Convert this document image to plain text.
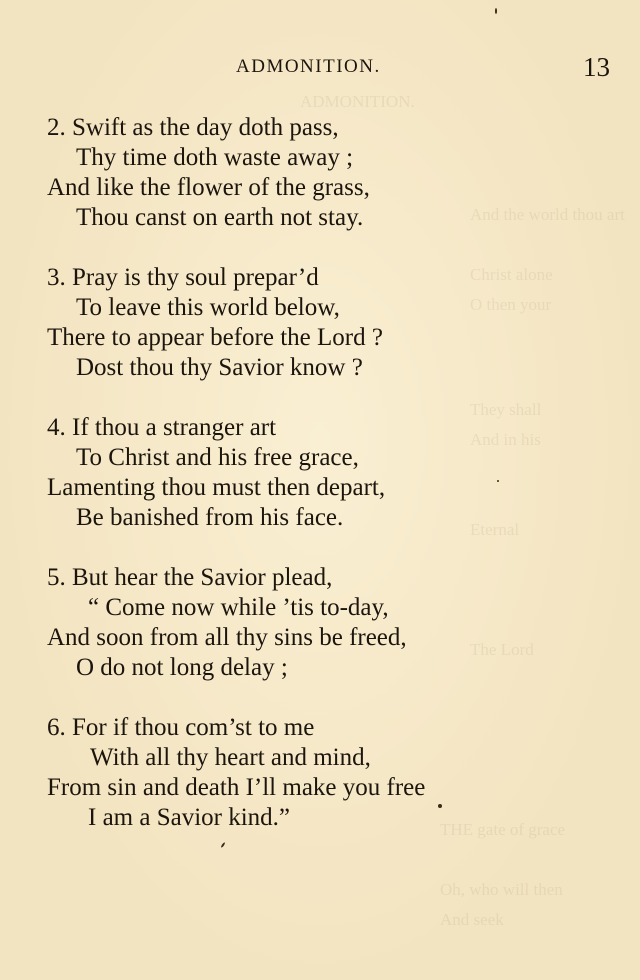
ADMONITION.
And the world thou art
Christ alone
O then your
They shall
And in his
Eternal
The Lord
THE gate of grace
Oh, who will then
And seek
ADMONITION.	13
2. Swift as the day doth pass,
Thy time doth waste away ;
And like the flower of the grass,
Thou canst on earth not stay.
3. Pray is thy soul prepar’d
To leave this world below,
There to appear before the Lord ?
Dost thou thy Savior know ?
4. If thou a stranger art
To Christ and his free grace,
Lamenting thou must then depart,
Be banished from his face.
5. But hear the Savior plead,
“ Come now while ’tis to-day,
And soon from all thy sins be freed,
O do not long delay ;
6. For if thou com’st to me
With all thy heart and mind,
From sin and death I’ll make you free
I am a Savior kind.”
